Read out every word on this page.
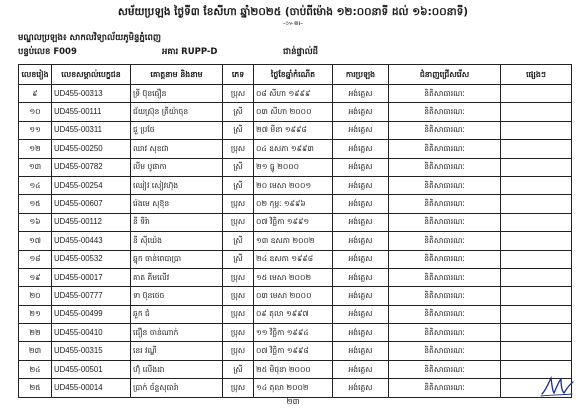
សម័យប្រឡង ថ្ងៃទី៣ ខែសីហា ឆ្នាំ២០២៥ (ចាប់ពីម៉ោង ១២:០០នាទី ដល់ ១៦:០០នាទី)
-៚៙៛-
មណ្ឌលប្រឡង៖ សាកលវិទ្យាល័យភូមិន្ទភ្នំពេញ
បន្ទប់លេខ F009	អគារ RUPP-D	ជាន់ផ្ទាល់ដី
លេខរៀង	លេខសម្គាល់បេក្ខជន	គោត្តនាម និងនាម	ភេទ	ថ្ងៃខែឆ្នាំកំណើត	ការប្រឡង	ជំនាញជ្រើសរើស	ផ្សេងៗ
៩	UD455-00313	ទ្រី ប៊ុនធឿន	ប្រុស	០៨ សីហា ១៩៩៩	អង់គ្លេស	និតិសាធារណៈ	
១០	UD455-00111	ជ័យស្រ៊ុន ត្រីយ៉ាចុន	ស្រី	០៣ សីហា ២០០០	អង់គ្លេស	និតិសាធារណៈ	
១១	UD455-00311	ជួ ប្រថែ	ស្រី	២៧ មីនា ១៩៩៨	អង់គ្លេស	និតិសាធារណៈ	
១២	UD455-00250	ឈាវ សុខជា	ប្រុស	០៤ ឧសភា ១៩៩៣	អង់គ្លេស	និតិសាធារណៈ	
១៣	UD455-00782	លីម បូផាកា	ស្រី	២១ ធ្នូ ២០០០	អង់គ្លេស	និតិសាធារណៈ	
១៤	UD455-00254	ឈៀវ សៀវហ៊ុង	ស្រី	២០ មេសា ២០០១	អង់គ្លេស	និតិសាធារណៈ	
១៥	UD455-00607	រ៉េងមេ សុខ៊ុន	ប្រុស	០២ កុម្ភៈ ១៩៩៦	អង់គ្លេស	និតិសាធារណៈ	
១៦	UD455-00112	នី ទីរ៉ា	ប្រុស	០៧ វិច្ឆិកា ១៩៩១	អង់គ្លេស	និតិសាធារណៈ	
១៧	UD455-00443	នី ស៊ីឃ៉េង	ស្រី	១៣ ឧសភា ២០០២	អង់គ្លេស	និតិសាធារណៈ	
១៨	UD455-00532	ឆ្នុក ចាន់ពេបាប្រា	ស្រី	២៤ ឧសភា ១៩៩៨	អង់គ្លេស	និតិសាធារណៈ	
១៩	UD455-00017	គាត គីមលើវ	ប្រុស	១៥ មេសា ២០០២	អង់គ្លេស	និតិសាធារណៈ	
២០	UD455-00777	ទា ប៊ុនថេច	ប្រុស	០៣ មេសា ២០០០	អង់គ្លេស	និតិសាធារណៈ	
២១	UD455-00499	ឆួក ជំ	ប្រុស	០៩ តុលា ១៩៩៧	អង់គ្លេស	និតិសាធារណៈ	
២២	UD455-00410	ជឿន ចាន់ណាក់	ប្រុស	១១ វិច្ឆិកា ១៩៩៤	អង់គ្លេស	និតិសាធារណៈ	
២៣	UD455-00315	នេរ វណ្ឌី	ប្រុស	០៧ វិច្ឆិកា ១៩៩៨	អង់គ្លេស	និតិសាធារណៈ	
២៤	UD455-00501	ហ៊ុំ លើងដា	ស្រី	២៥ មិថុនា ២០០០	អង់គ្លេស	និតិសាធារណៈ	
២៥	UD455-00014	ប្រាក់ ច័ន្ទសុធារ៉ា	ប្រុស	១៤ តុលា ២០០២	អង់គ្លេស	និតិសាធារណៈ	
២៣
